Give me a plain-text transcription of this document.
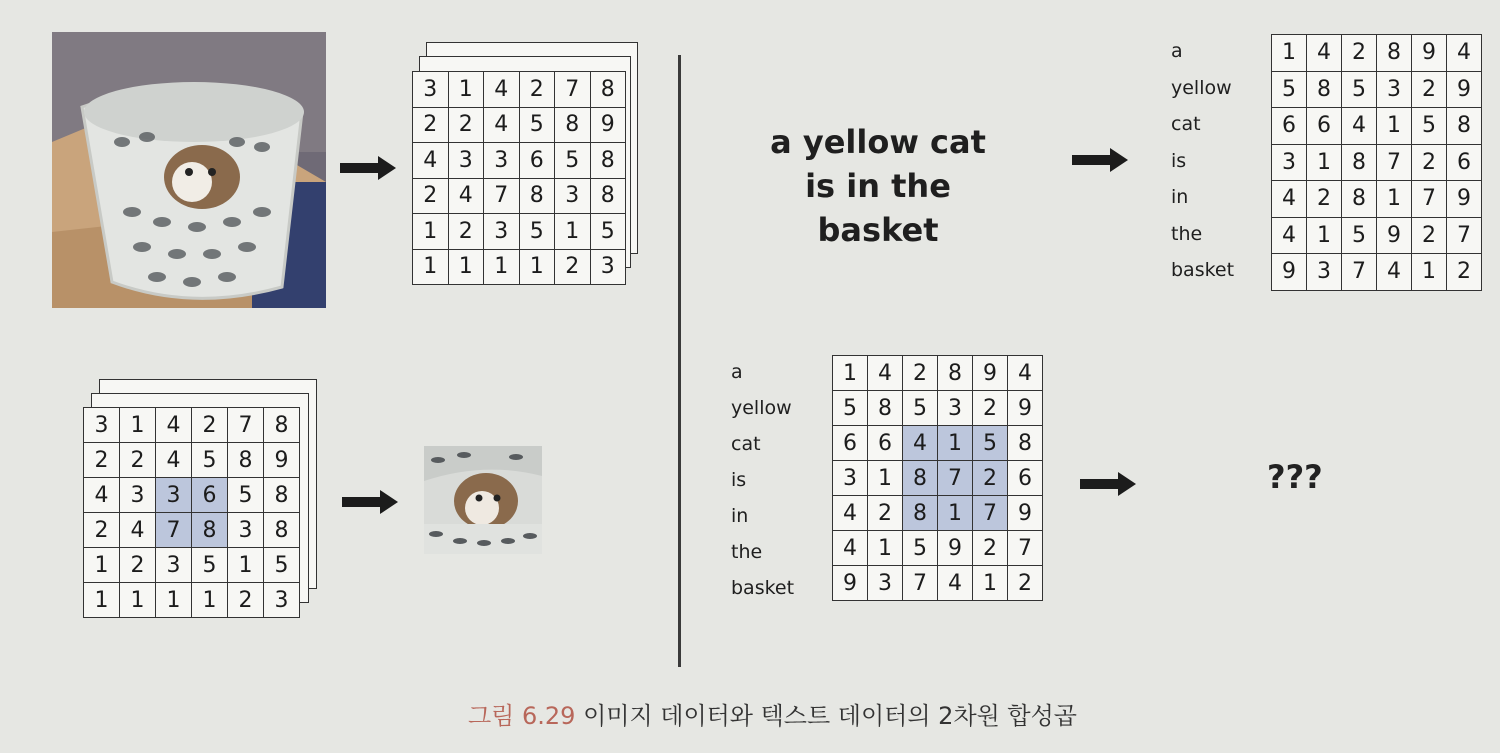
3	1	4	2	7	8
2	2	4	5	8	9
4	3	3	6	5	8
2	4	7	8	3	8
1	2	3	5	1	5
1	1	1	1	2	3
3	1	4	2	7	8
2	2	4	5	8	9
4	3	3	6	5	8
2	4	7	8	3	8
1	2	3	5	1	5
1	1	1	1	2	3
a yellow cat
is in the basket
a
yellow
cat
is
in
the
basket
1	4	2	8	9	4
5	8	5	3	2	9
6	6	4	1	5	8
3	1	8	7	2	6
4	2	8	1	7	9
4	1	5	9	2	7
9	3	7	4	1	2
a
yellow
cat
is
in
the
basket
1	4	2	8	9	4
5	8	5	3	2	9
6	6	4	1	5	8
3	1	8	7	2	6
4	2	8	1	7	9
4	1	5	9	2	7
9	3	7	4	1	2
???
그림 6.29 이미지 데이터와 텍스트 데이터의 2차원 합성곱
